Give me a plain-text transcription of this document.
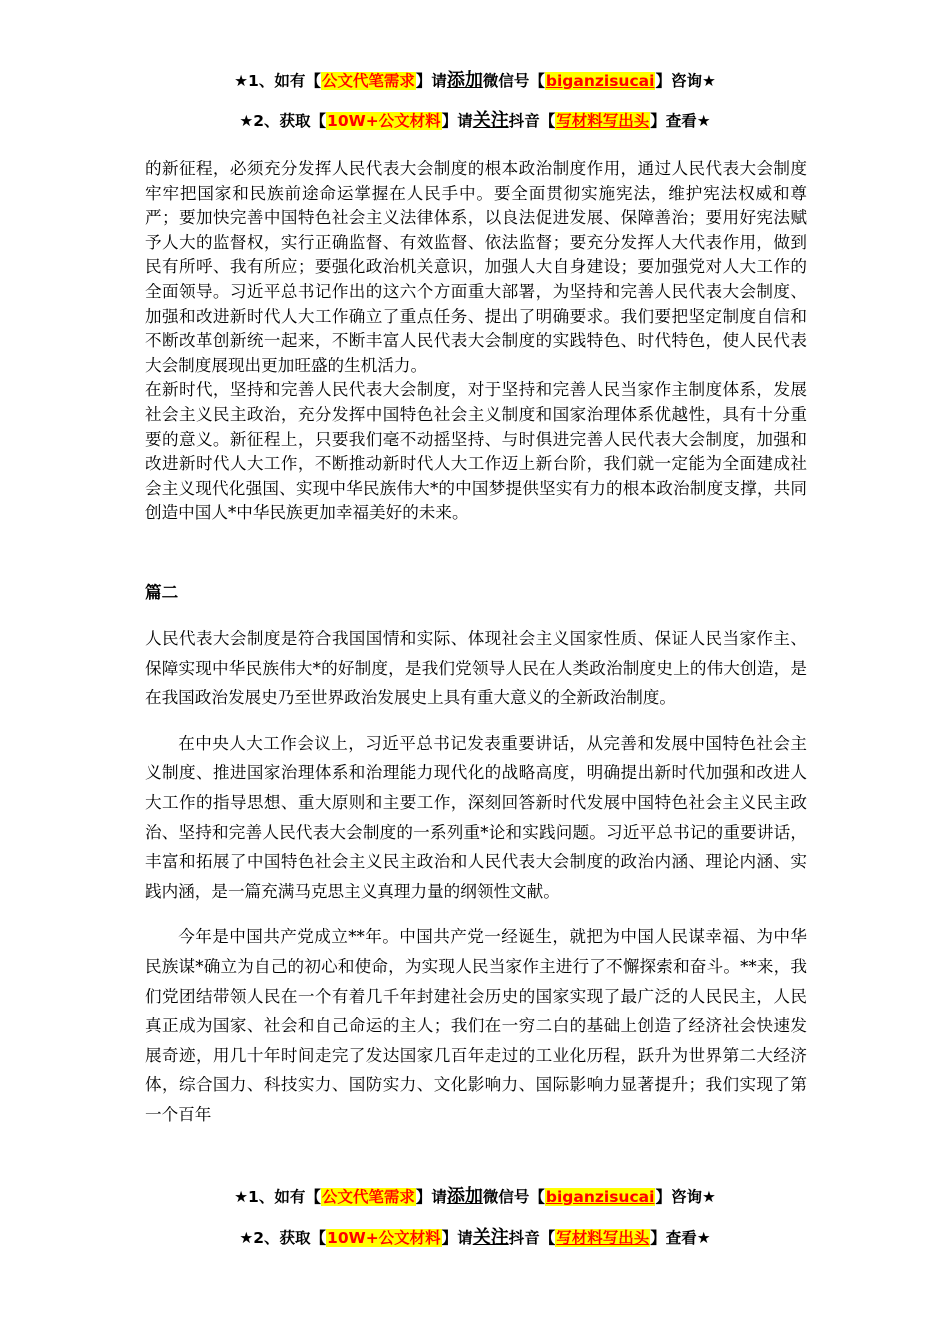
★1、如有【公文代笔需求】请添加微信号【biganzisucai】咨询★
★2、获取【10W+公文材料】请关注抖音【写材料写出头】查看★

的新征程，必须充分发挥人民代表大会制度的根本政治制度作用，通过人民代表大会制度牢牢把国家和民族前途命运掌握在人民手中。要全面贯彻实施宪法，维护宪法权威和尊严；要加快完善中国特色社会主义法律体系，以良法促进发展、保障善治；要用好宪法赋予人大的监督权，实行正确监督、有效监督、依法监督；要充分发挥人大代表作用，做到民有所呼、我有所应；要强化政治机关意识，加强人大自身建设；要加强党对人大工作的全面领导。习近平总书记作出的这六个方面重大部署，为坚持和完善人民代表大会制度、加强和改进新时代人大工作确立了重点任务、提出了明确要求。我们要把坚定制度自信和不断改革创新统一起来，不断丰富人民代表大会制度的实践特色、时代特色，使人民代表大会制度展现出更加旺盛的生机活力。

在新时代，坚持和完善人民代表大会制度，对于坚持和完善人民当家作主制度体系，发展社会主义民主政治，充分发挥中国特色社会主义制度和国家治理体系优越性，具有十分重要的意义。新征程上，只要我们毫不动摇坚持、与时俱进完善人民代表大会制度，加强和改进新时代人大工作，不断推动新时代人大工作迈上新台阶，我们就一定能为全面建成社会主义现代化强国、实现中华民族伟大*的中国梦提供坚实有力的根本政治制度支撑，共同创造中国人*中华民族更加幸福美好的未来。

篇二

人民代表大会制度是符合我国国情和实际、体现社会主义国家性质、保证人民当家作主、保障实现中华民族伟大*的好制度，是我们党领导人民在人类政治制度史上的伟大创造，是在我国政治发展史乃至世界政治发展史上具有重大意义的全新政治制度。

在中央人大工作会议上，习近平总书记发表重要讲话，从完善和发展中国特色社会主义制度、推进国家治理体系和治理能力现代化的战略高度，明确提出新时代加强和改进人大工作的指导思想、重大原则和主要工作，深刻回答新时代发展中国特色社会主义民主政治、坚持和完善人民代表大会制度的一系列重*论和实践问题。习近平总书记的重要讲话，丰富和拓展了中国特色社会主义民主政治和人民代表大会制度的政治内涵、理论内涵、实践内涵，是一篇充满马克思主义真理力量的纲领性文献。

今年是中国共产党成立**年。中国共产党一经诞生，就把为中国人民谋幸福、为中华民族谋*确立为自己的初心和使命，为实现人民当家作主进行了不懈探索和奋斗。**来，我们党团结带领人民在一个有着几千年封建社会历史的国家实现了最广泛的人民民主，人民真正成为国家、社会和自己命运的主人；我们在一穷二白的基础上创造了经济社会快速发展奇迹，用几十年时间走完了发达国家几百年走过的工业化历程，跃升为世界第二大经济体，综合国力、科技实力、国防实力、文化影响力、国际影响力显著提升；我们实现了第一个百年

★1、如有【公文代笔需求】请添加微信号【biganzisucai】咨询★
★2、获取【10W+公文材料】请关注抖音【写材料写出头】查看★
